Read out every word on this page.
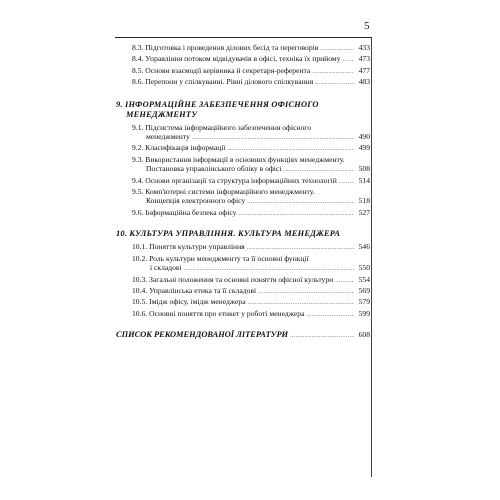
5
8.3. Підготовка і проведення ділових бесід та переговорів . . .	433
8.4. Управління потоком відвідувачів в офісі, техніка їх прийому . . .	473
8.5. Основи взаємодії керівника й секретаря-референта . . .	477
8.6. Перепони у спілкуванні. Рівні ділового спілкування . . .	483
9. ІНФОРМАЦІЙНЕ ЗАБЕЗПЕЧЕННЯ ОФІСНОГО
МЕНЕДЖМЕНТУ
9.1. Підсистема інформаційного забезпечення офісного
менеджменту . . .	490
9.2. Класифікація інформації . . .	499
9.3. Використання інформації в основних функціях менеджменту.
Постановка управлінського обліку в офісі . . .	508
9.4. Основи організації та структура інформаційних технологій . . .	514
9.5. Комп'ютерні системи інформаційного менеджменту.
Концепція електронного офісу . . .	518
9.6. Інформаційна безпека офісу . . .	527
10. КУЛЬТУРА УПРАВЛІННЯ. КУЛЬТУРА МЕНЕДЖЕРА
10.1. Поняття культури управління . . .	546
10.2. Роль культури менеджменту та її основні функції
і складові . . .	550
10.3. Загальні положення та основні поняття офісної культури . . .	554
10.4. Управлінська етика та її складові . . .	569
10.5. Імідж офісу, імідж менеджера . . .	579
10.6. Основні поняття про етикет у роботі менеджера . . .	599
СПИСОК РЕКОМЕНДОВАНОЇ ЛІТЕРАТУРИ . . .	608
